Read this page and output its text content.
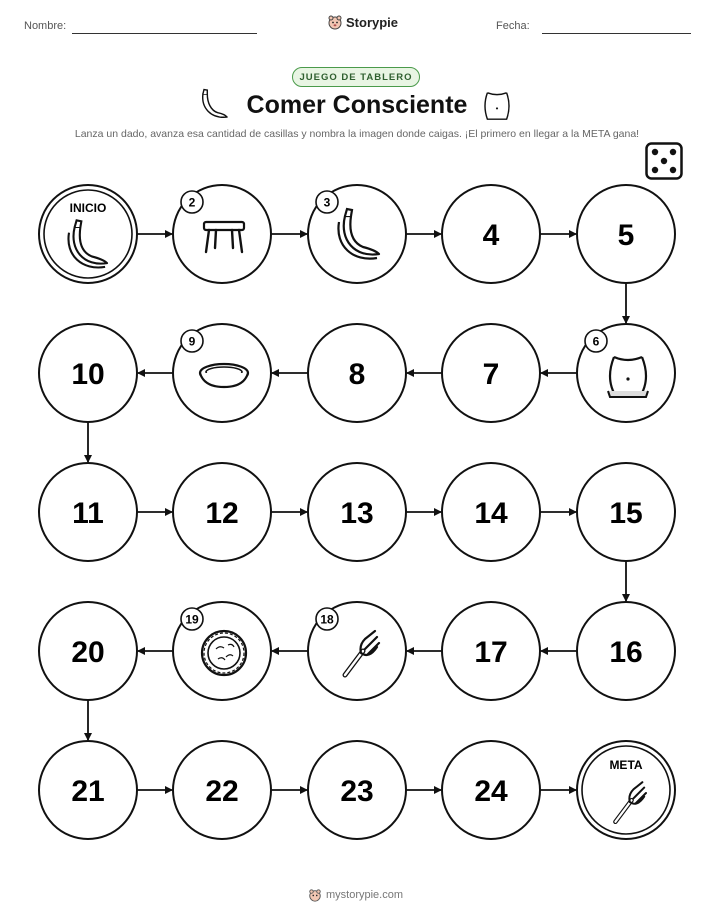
Nombre:	Storypie	Fecha:
JUEGO DE TABLERO
Comer Consciente
Lanza un dado, avanza esa cantidad de casillas y nombra la imagen donde caigas. ¡El primero en llegar a la META gana!
INICIO	2	3
4	5
6
7
8
9
10
11	12	13	14	15
16
17
18
19
20
21	22	23	24
META
mystorypie.com
